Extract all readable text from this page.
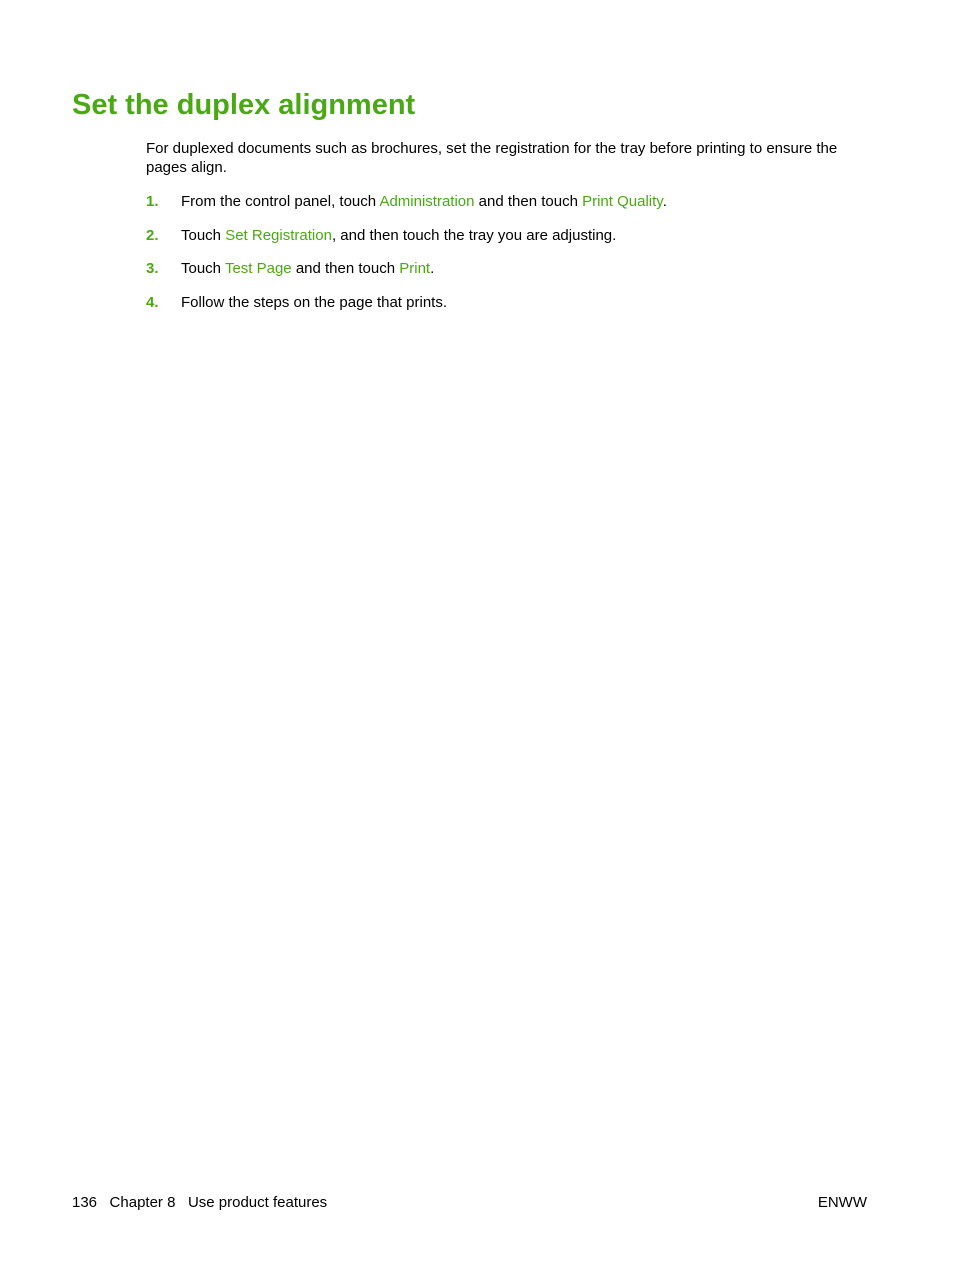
Set the duplex alignment

For duplexed documents such as brochures, set the registration for the tray before printing to ensure the pages align.

1. From the control panel, touch Administration and then touch Print Quality.
2. Touch Set Registration, and then touch the tray you are adjusting.
3. Touch Test Page and then touch Print.
4. Follow the steps on the page that prints.
136 Chapter 8 Use product features	ENWW
